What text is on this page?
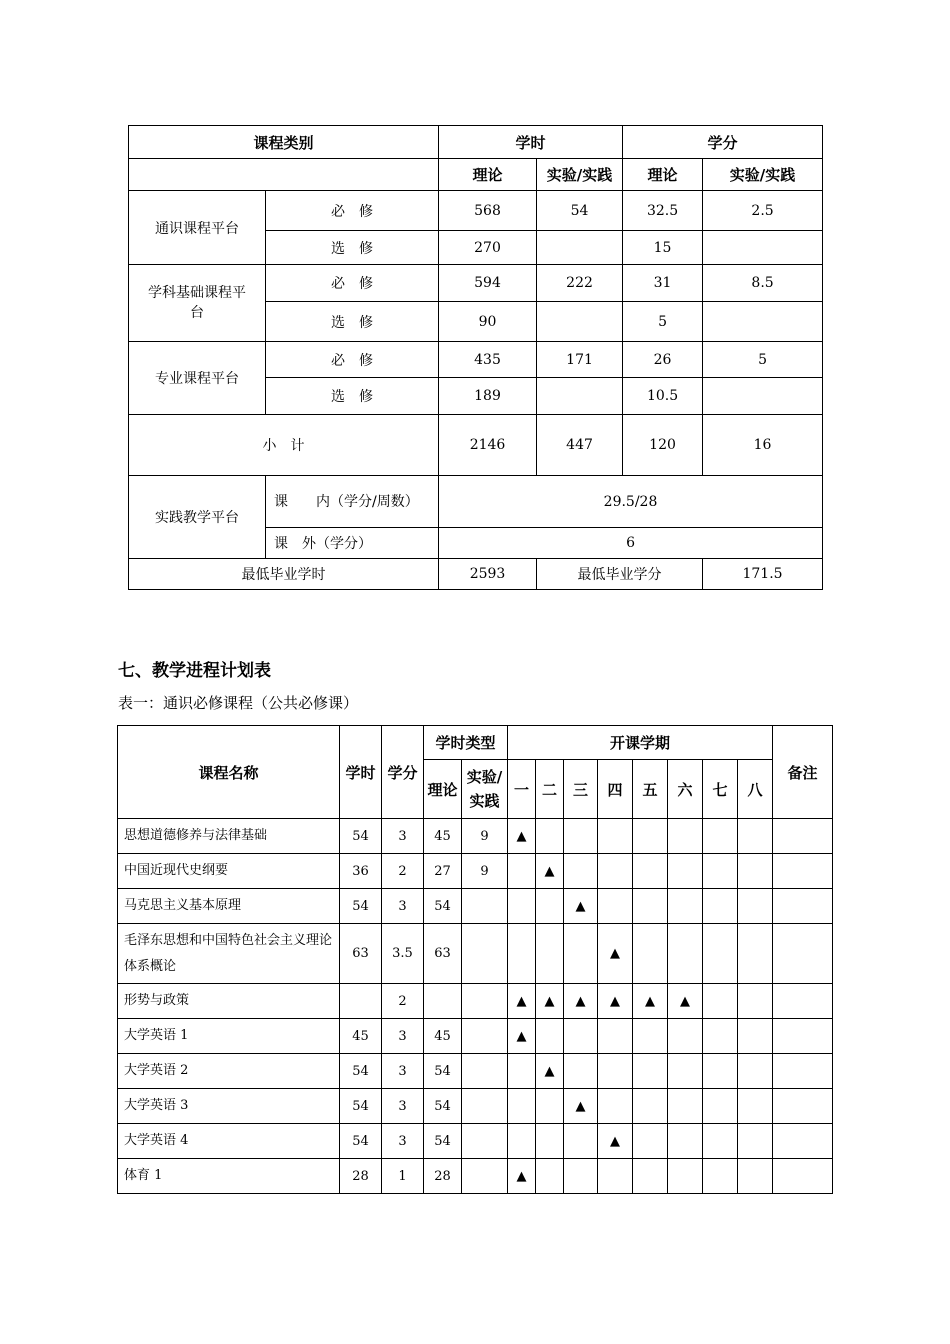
课程类别		学时		学分	
		理论	实验/实践	理论	实验/实践
通识课程平台	必　修	568	54	32.5	2.5
	选　修	270		15	
学科基础课程平台	必　修	594	222	31	8.5
	选　修	90		5	
专业课程平台	必　修	435	171	26	5
	选　修	189		10.5	
小　计		2146	447	120	16
实践教学平台	课　　内（学分/周数）	29.5/28			
	课　外（学分）	6			
最低毕业学时		2593	最低毕业学分		171.5
七、教学进程计划表

表一：通识必修课程（公共必修课）

课程名称	学时	学分	学时类型		开课学期								备注
			理论	实验/实践	一	二	三	四	五	六	七	八	
思想道德修养与法律基础	54	3	45	9	▲								
中国近现代史纲要	36	2	27	9		▲							
马克思主义基本原理	54	3	54				▲						
毛泽东思想和中国特色社会主义理论体系概论	63	3.5	63					▲					
形势与政策		2			▲	▲	▲	▲	▲	▲			
大学英语 1	45	3	45		▲								
大学英语 2	54	3	54			▲							
大学英语 3	54	3	54				▲						
大学英语 4	54	3	54					▲					
体育 1	28	1	28		▲								
